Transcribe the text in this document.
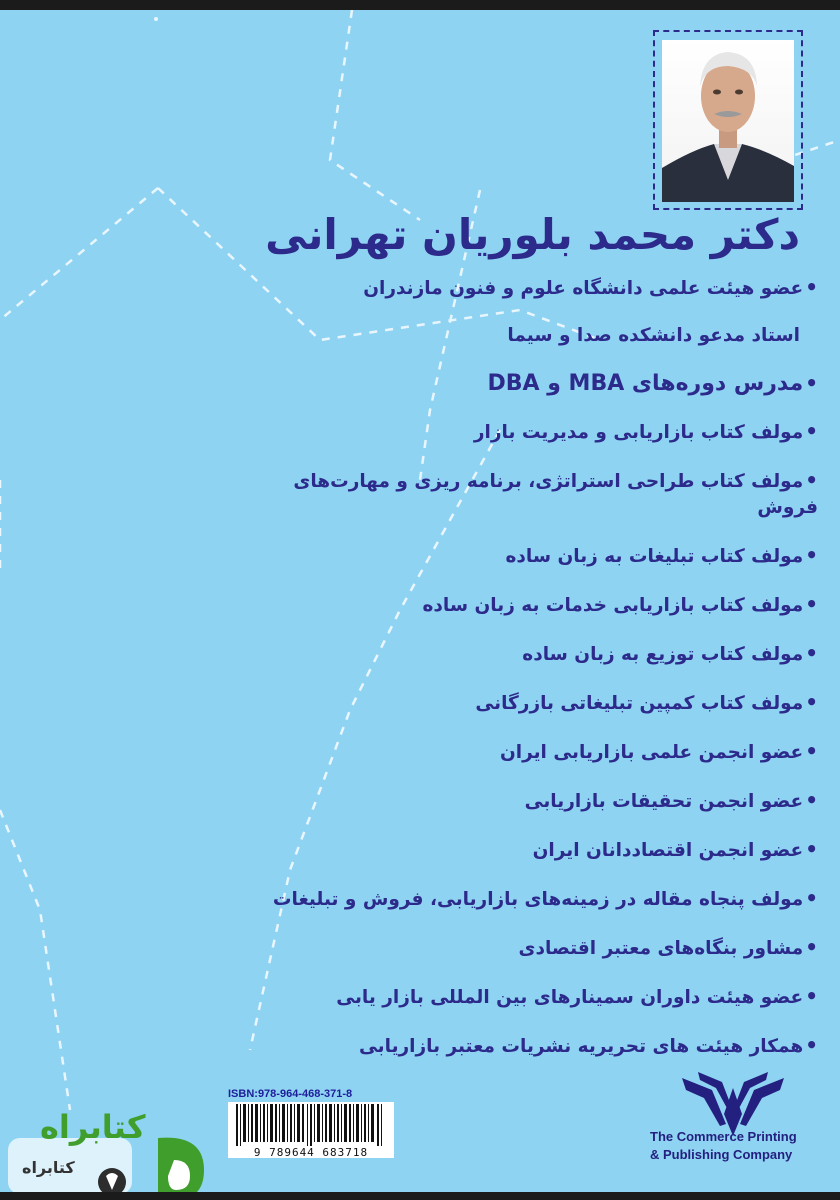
دکتر محمد بلوریان تهرانی
•عضو هیئت علمی دانشگاه علوم و فنون مازندران
استاد مدعو دانشکده صدا و سیما
•مدرس دوره‌های MBA و DBA
•مولف کتاب بازاریابی و مدیریت بازار
•مولف کتاب طراحی استراتژی، برنامه ریزی و مهارت‌های فروش
•مولف کتاب تبلیغات به زبان ساده
•مولف کتاب بازاریابی خدمات به زبان ساده
•مولف کتاب توزیع به زبان ساده
•مولف کتاب کمپین تبلیغاتی بازرگانی
•عضو انجمن علمی بازاریابی ایران
•عضو انجمن تحقیقات بازاریابی
•عضو انجمن اقتصاددانان ایران
•مولف پنجاه مقاله در زمینه‌های بازاریابی، فروش و تبلیغات
•مشاور بنگاه‌های معتبر اقتصادی
•عضو هیئت داوران سمینارهای بین المللی بازار یابی
•همکار هیئت های تحریریه نشریات معتبر بازاریابی
ISBN:978-964-468-371-8
9 789644 683718
The Commerce Printing
& Publishing Company
کتابراه
کتابراه
